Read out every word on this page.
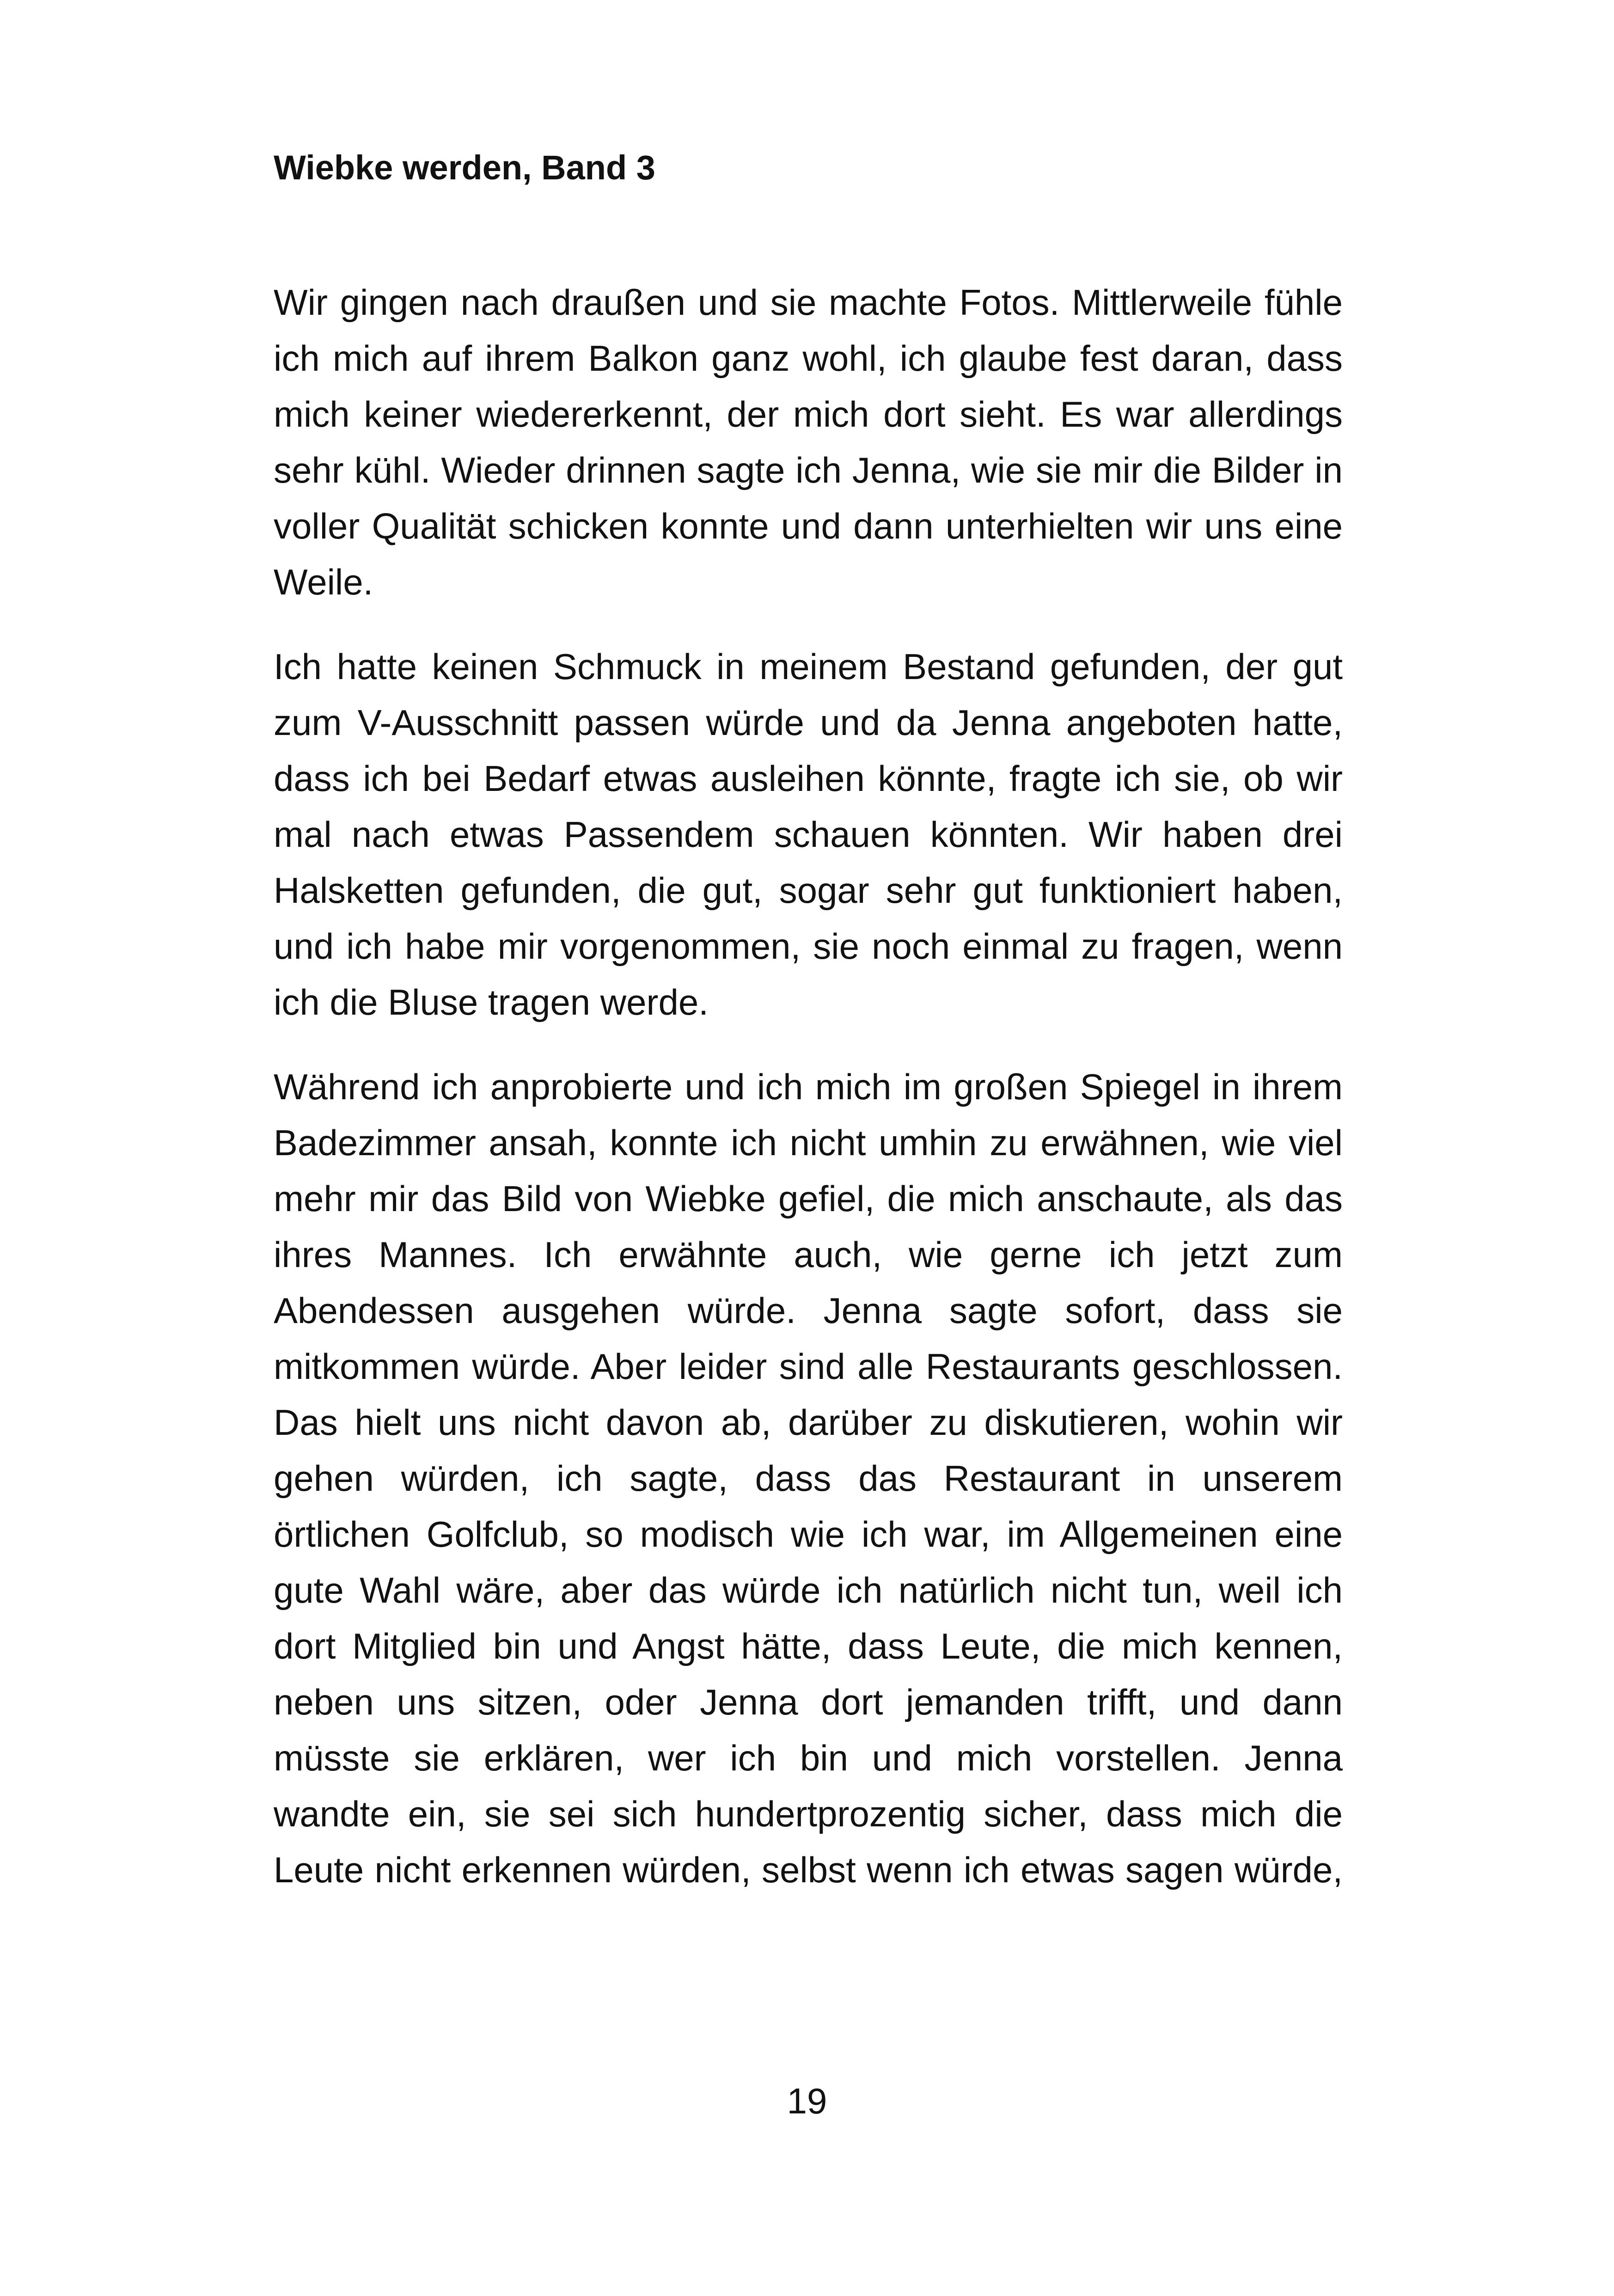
Wiebke werden, Band 3

Wir gingen nach draußen und sie machte Fotos. Mittlerweile fühle ich mich auf ihrem Balkon ganz wohl, ich glaube fest daran, dass mich keiner wiedererkennt, der mich dort sieht. Es war allerdings sehr kühl. Wieder drinnen sagte ich Jenna, wie sie mir die Bilder in voller Qualität schicken konnte und dann unterhielten wir uns eine Weile.

Ich hatte keinen Schmuck in meinem Bestand gefunden, der gut zum V-Ausschnitt passen würde und da Jenna angeboten hatte, dass ich bei Bedarf etwas ausleihen könnte, fragte ich sie, ob wir mal nach etwas Passendem schauen könnten. Wir haben drei Halsketten gefunden, die gut, sogar sehr gut funktioniert haben, und ich habe mir vorgenommen, sie noch einmal zu fragen, wenn ich die Bluse tragen werde.

Während ich anprobierte und ich mich im großen Spiegel in ihrem Badezimmer ansah, konnte ich nicht umhin zu erwähnen, wie viel mehr mir das Bild von Wiebke gefiel, die mich anschaute, als das ihres Mannes. Ich erwähnte auch, wie gerne ich jetzt zum Abendessen ausgehen würde. Jenna sagte sofort, dass sie mitkommen würde. Aber leider sind alle Restaurants geschlossen. Das hielt uns nicht davon ab, darüber zu diskutieren, wohin wir gehen würden, ich sagte, dass das Restaurant in unserem örtlichen Golfclub, so modisch wie ich war, im Allgemeinen eine gute Wahl wäre, aber das würde ich natürlich nicht tun, weil ich dort Mitglied bin und Angst hätte, dass Leute, die mich kennen, neben uns sitzen, oder Jenna dort jemanden trifft, und dann müsste sie erklären, wer ich bin und mich vorstellen. Jenna wandte ein, sie sei sich hundertprozentig sicher, dass mich die Leute nicht erkennen würden, selbst wenn ich etwas sagen würde,

19
